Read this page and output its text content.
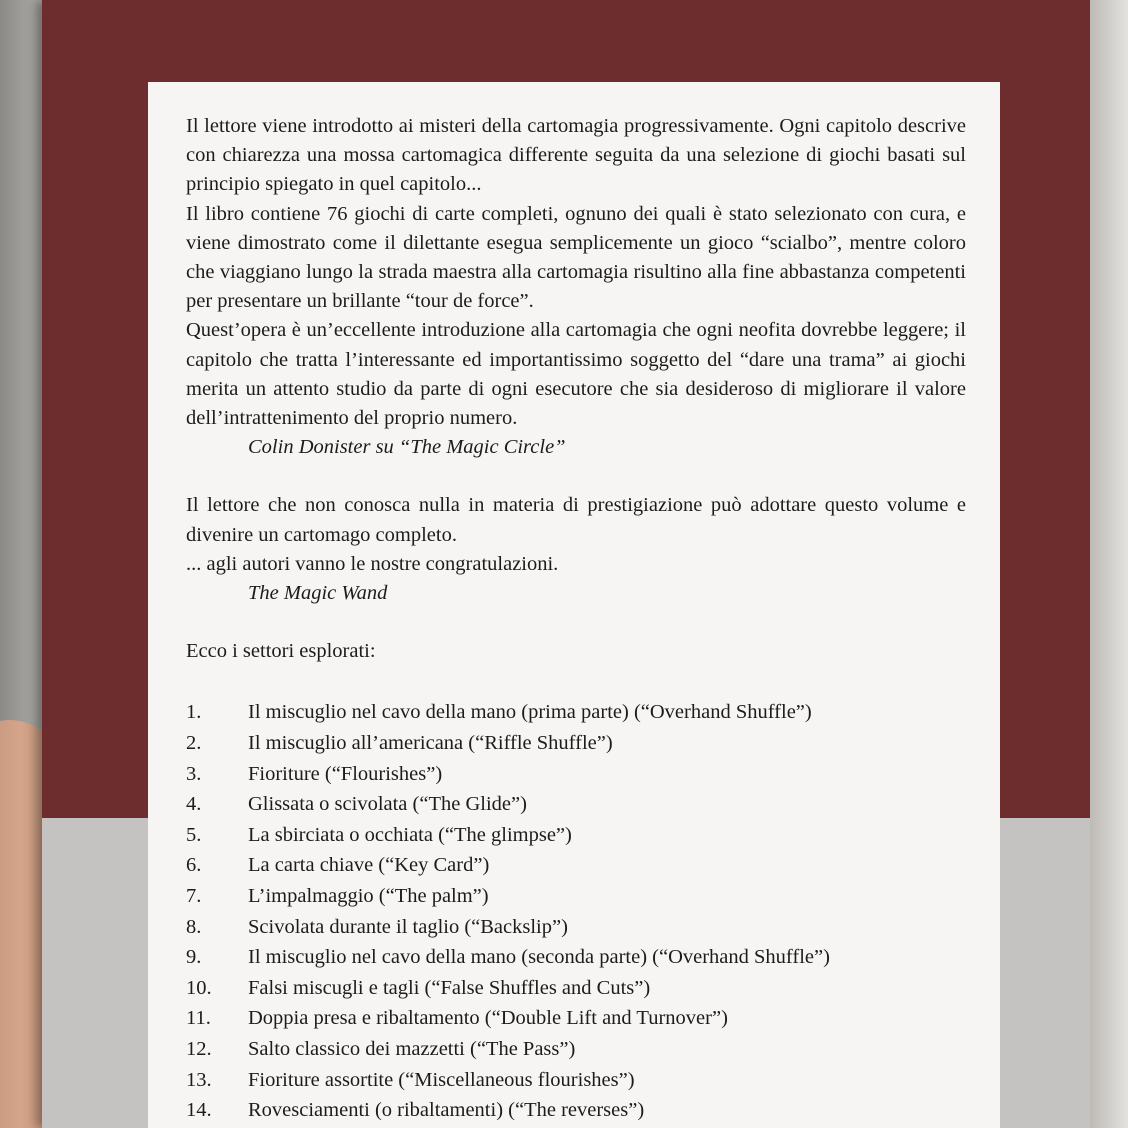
Il lettore viene introdotto ai misteri della cartomagia progressivamente. Ogni capitolo descrive con chiarezza una mossa cartomagica differente seguita da una selezione di giochi basati sul principio spiegato in quel capitolo...

Il libro contiene 76 giochi di carte completi, ognuno dei quali è stato selezionato con cura, e viene dimostrato come il dilettante esegua semplicemente un gioco “scialbo”, mentre coloro che viaggiano lungo la strada maestra alla cartomagia risultino alla fine abbastanza competenti per presentare un brillante “tour de force”.

Quest’opera è un’eccellente introduzione alla cartomagia che ogni neofita dovrebbe leggere; il capitolo che tratta l’interessante ed importantissimo soggetto del “dare una trama” ai giochi merita un attento studio da parte di ogni esecutore che sia desideroso di migliorare il valore dell’intrattenimento del proprio numero.

Colin Donister su “The Magic Circle”

Il lettore che non conosca nulla in materia di prestigiazione può adottare questo volume e divenire un cartomago completo.

... agli autori vanno le nostre congratulazioni.

The Magic Wand

Ecco i settori esplorati:

1.	Il miscuglio nel cavo della mano (prima parte) (“Overhand Shuffle”)
2.	Il miscuglio all’americana (“Riffle Shuffle”)
3.	Fioriture (“Flourishes”)
4.	Glissata o scivolata (“The Glide”)
5.	La sbirciata o occhiata (“The glimpse”)
6.	La carta chiave (“Key Card”)
7.	L’impalmaggio (“The palm”)
8.	Scivolata durante il taglio (“Backslip”)
9.	Il miscuglio nel cavo della mano (seconda parte) (“Overhand Shuffle”)
10.	Falsi miscugli e tagli (“False Shuffles and Cuts”)
11.	Doppia presa e ribaltamento (“Double Lift and Turnover”)
12.	Salto classico dei mazzetti (“The Pass”)
13.	Fioriture assortite (“Miscellaneous flourishes”)
14.	Rovesciamenti (o ribaltamenti) (“The reverses”)
